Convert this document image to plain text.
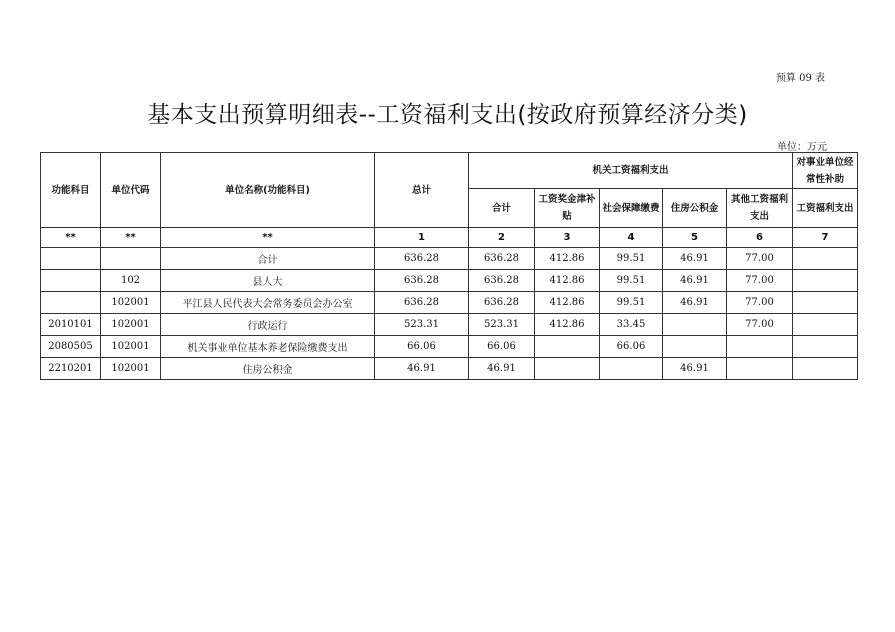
预算 09 表
基本支出预算明细表--工资福利支出(按政府预算经济分类)
单位：万元
功能科目	单位代码	单位名称(功能科目)	总计	机关工资福利支出					对事业单位经常性补助
				合计	工资奖金津补贴	社会保障缴费	住房公积金	其他工资福利支出	工资福利支出
**	**	**	1	2	3	4	5	6	7
		合计	636.28	636.28	412.86	99.51	46.91	77.00	
	102	县人大	636.28	636.28	412.86	99.51	46.91	77.00	
	102001	平江县人民代表大会常务委员会办公室	636.28	636.28	412.86	99.51	46.91	77.00	
2010101	102001	行政运行	523.31	523.31	412.86	33.45		77.00	
2080505	102001	机关事业单位基本养老保险缴费支出	66.06	66.06		66.06			
2210201	102001	住房公积金	46.91	46.91			46.91		
